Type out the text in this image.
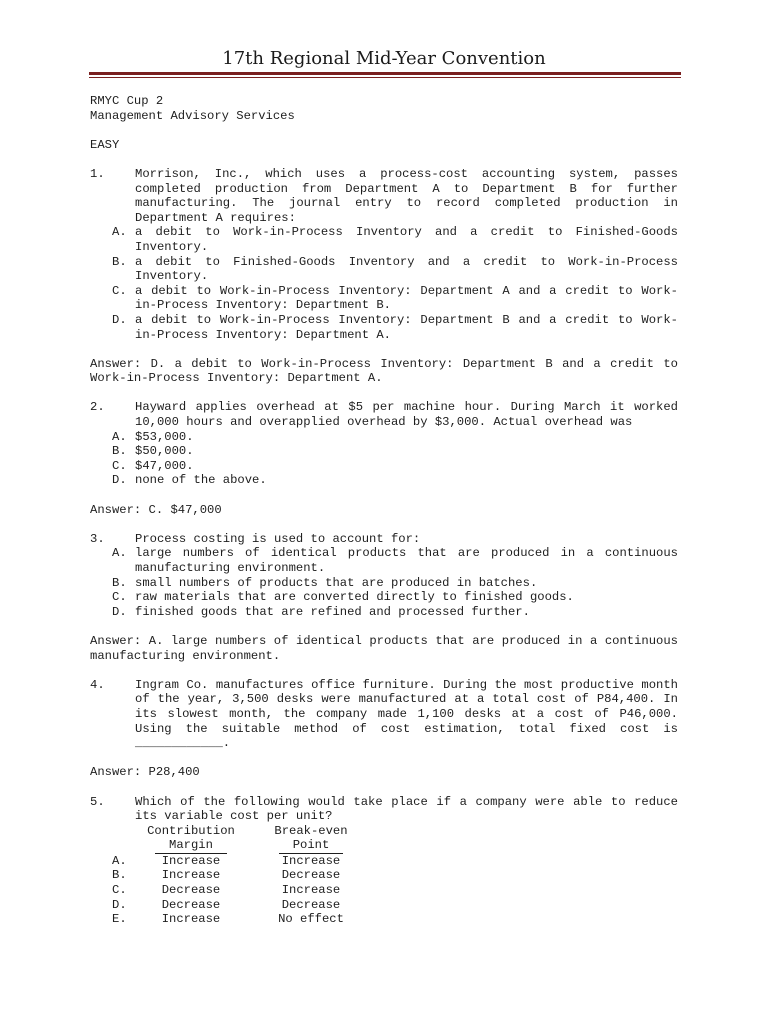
17th Regional Mid-Year Convention

RMYC Cup 2

Management Advisory Services

EASY

1.	Morrison, Inc., which uses a process-cost accounting system, passes completed production from Department A to Department B for further manufacturing. The journal entry to record completed production in Department A requires:
A. a debit to Work-in-Process Inventory and a credit to Finished-Goods Inventory.
B. a debit to Finished-Goods Inventory and a credit to Work-in-Process Inventory.
C. a debit to Work-in-Process Inventory: Department A and a credit to Work-in-Process Inventory: Department B.
D. a debit to Work-in-Process Inventory: Department B and a credit to Work-in-Process Inventory: Department A.

Answer: D. a debit to Work-in-Process Inventory: Department B and a credit to Work-in-Process Inventory: Department A.

2.	Hayward applies overhead at $5 per machine hour. During March it worked 10,000 hours and overapplied overhead by $3,000. Actual overhead was
A. $53,000.
B. $50,000.
C. $47,000.
D. none of the above.

Answer: C. $47,000

3.	Process costing is used to account for:
A. large numbers of identical products that are produced in a continuous manufacturing environment.
B. small numbers of products that are produced in batches.
C. raw materials that are converted directly to finished goods.
D. finished goods that are refined and processed further.

Answer: A. large numbers of identical products that are produced in a continuous manufacturing environment.

4.	Ingram Co. manufactures office furniture. During the most productive month of the year, 3,500 desks were manufactured at a total cost of P84,400. In its slowest month, the company made 1,100 desks at a cost of P46,000. Using the suitable method of cost estimation, total fixed cost is ____________.

Answer: P28,400

5.	Which of the following would take place if a company were able to reduce its variable cost per unit?
Contribution	Break-even
Margin	Point
A.	Increase	Increase
B.	Increase	Decrease
C.	Decrease	Increase
D.	Decrease	Decrease
E.	Increase	No effect
